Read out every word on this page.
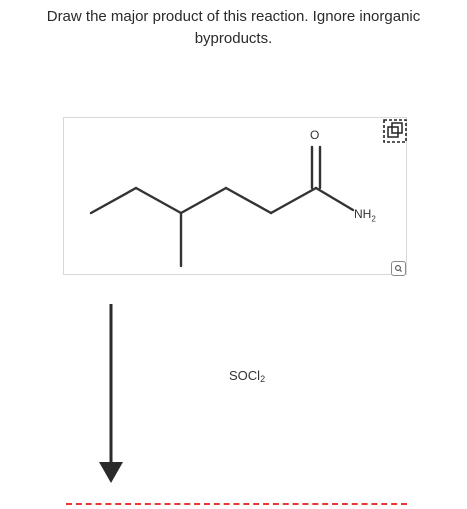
Draw the major product of this reaction. Ignore inorganic
byproducts.
O
$NH_2$
SOCl$_2$
